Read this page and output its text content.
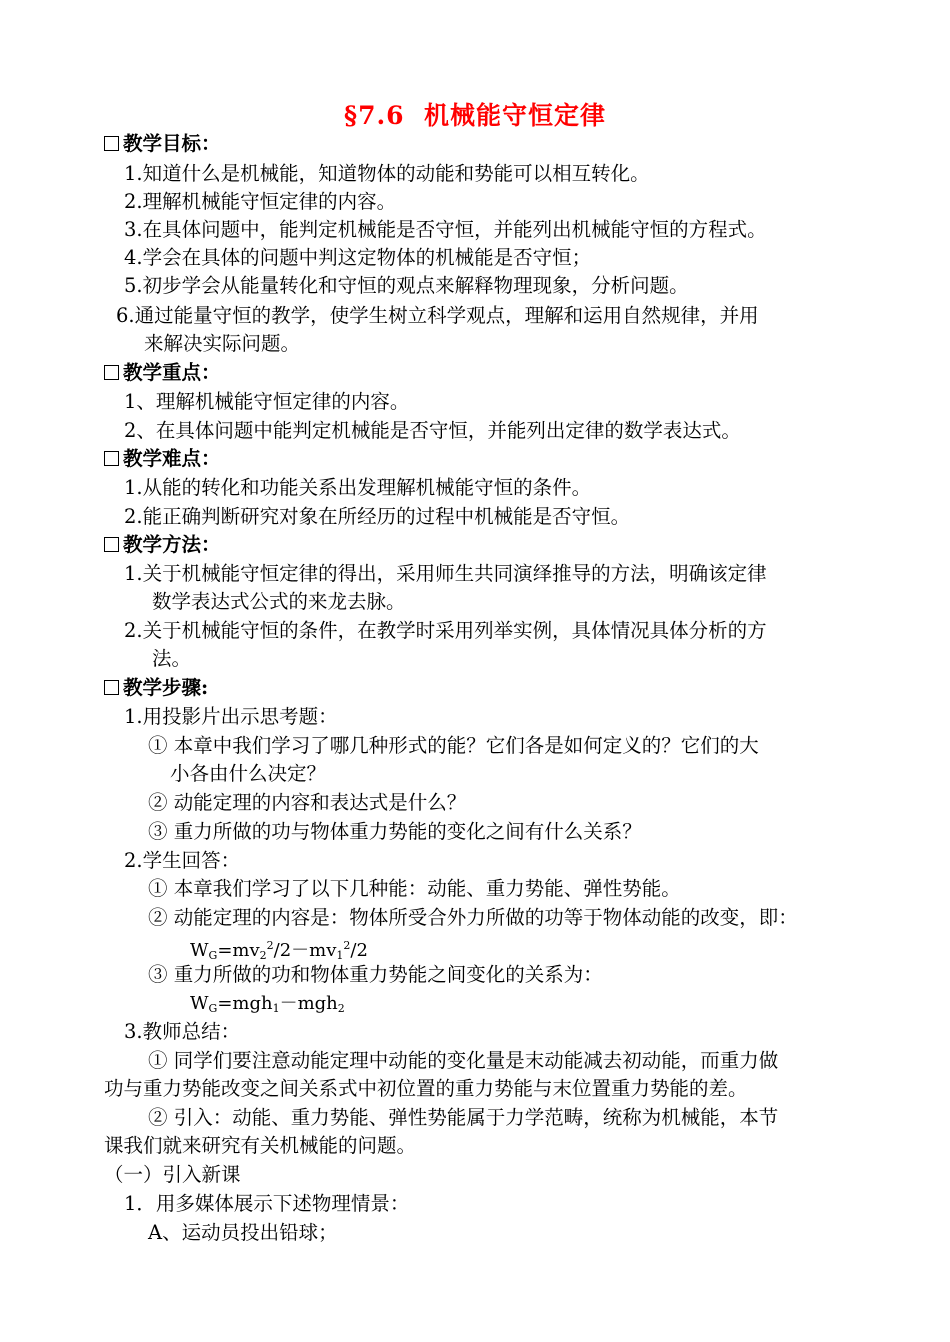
§7.6  机械能守恒定律
教学目标：
1.知道什么是机械能，知道物体的动能和势能可以相互转化。
2.理解机械能守恒定律的内容。
3.在具体问题中，能判定机械能是否守恒，并能列出机械能守恒的方程式。
4.学会在具体的问题中判这定物体的机械能是否守恒；
5.初步学会从能量转化和守恒的观点来解释物理现象，分析问题。
6.通过能量守恒的教学，使学生树立科学观点，理解和运用自然规律，并用
来解决实际问题。
教学重点：
1、理解机械能守恒定律的内容。
2、在具体问题中能判定机械能是否守恒，并能列出定律的数学表达式。
教学难点：
1.从能的转化和功能关系出发理解机械能守恒的条件。
2.能正确判断研究对象在所经历的过程中机械能是否守恒。
教学方法：
1.关于机械能守恒定律的得出，采用师生共同演绎推导的方法，明确该定律
数学表达式公式的来龙去脉。
2.关于机械能守恒的条件，在教学时采用列举实例，具体情况具体分析的方
法。
教学步骤:
1.用投影片出示思考题：
① 本章中我们学习了哪几种形式的能？它们各是如何定义的？它们的大
小各由什么决定？
② 动能定理的内容和表达式是什么？
③ 重力所做的功与物体重力势能的变化之间有什么关系？
2.学生回答：
① 本章我们学习了以下几种能：动能、重力势能、弹性势能。
② 动能定理的内容是：物体所受合外力所做的功等于物体动能的改变，即：
$W_G=mv_2^2/2-mv_1^2/2$
③ 重力所做的功和物体重力势能之间变化的关系为：
$W_G=mgh_1-mgh_2$
3.教师总结：
① 同学们要注意动能定理中动能的变化量是末动能减去初动能，而重力做
功与重力势能改变之间关系式中初位置的重力势能与末位置重力势能的差。
② 引入：动能、重力势能、弹性势能属于力学范畴，统称为机械能，本节
课我们就来研究有关机械能的问题。
（一）引入新课
1．用多媒体展示下述物理情景：
A、运动员投出铅球；
